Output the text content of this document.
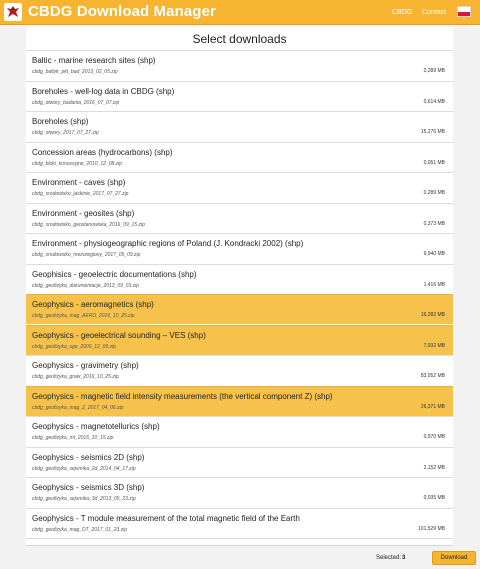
CBDG Download Manager	CBDG Contact
Select downloads
Baltic - marine research sites (shp)
cbdg_baltyk_pkt_bad_2013_02_05.zip	0,289 MB
Boreholes - well-log data in CBDG (shp)
cbdg_otwory_badania_2016_07_07.zip	0,614 MB
Boreholes (shp)
cbdg_otwory_2017_07_27.zip	15,276 MB
Concession areas (hydrocarbons) (shp)
cbdg_bloki_koncesyjne_2010_12_08.zip	0,051 MB
Environment - caves (shp)
cbdg_srodowisko_jaskinie_2017_07_27.zip	0,289 MB
Environment - geosites (shp)
cbdg_srodowisko_geostanowiska_2016_09_15.zip	0,373 MB
Environment - physiogeographic regions of Poland (J. Kondracki 2002) (shp)
cbdg_srodowisko_mezoregiony_2017_05_09.zip	9,940 MB
Geophisics - geoelectric documentations (shp)
cbdg_geofizyka_dokumentacje_2013_09_03.zip	1,416 MB
Geophysics - aeromagnetics (shp)
cbdg_geofizyka_mag_AERO_2016_10_25.zip	16,282 MB
Geophysics - geoelectrical sounding – VES (shp)
cbdg_geofizyka_sge_2009_12_09.zip	7,932 MB
Geophysics - gravimetry (shp)
cbdg_geofizyka_graw_2016_10_25.zip	83,052 MB
Geophysics - magnetic field intensity measurements (the vertical component Z) (shp)
cbdg_geofizyka_mag_Z_2017_04_06.zip	26,371 MB
Geophysics - magnetotellurics (shp)
cbdg_geofizyka_mt_2016_10_15.zip	0,970 MB
Geophysics - seismics 2D (shp)
cbdg_geofizyka_sejsmika_2d_2014_04_17.zip	2,152 MB
Geophysics - seismics 3D (shp)
cbdg_geofizyka_sejsmika_3d_2013_05_23.zip	0,035 MB
Geophysics - T module measurement of the total magnetic field of the Earth
cbdg_geofizyka_mag_DT_2017_01_23.zip	101,529 MB
Selected: 3	Download
